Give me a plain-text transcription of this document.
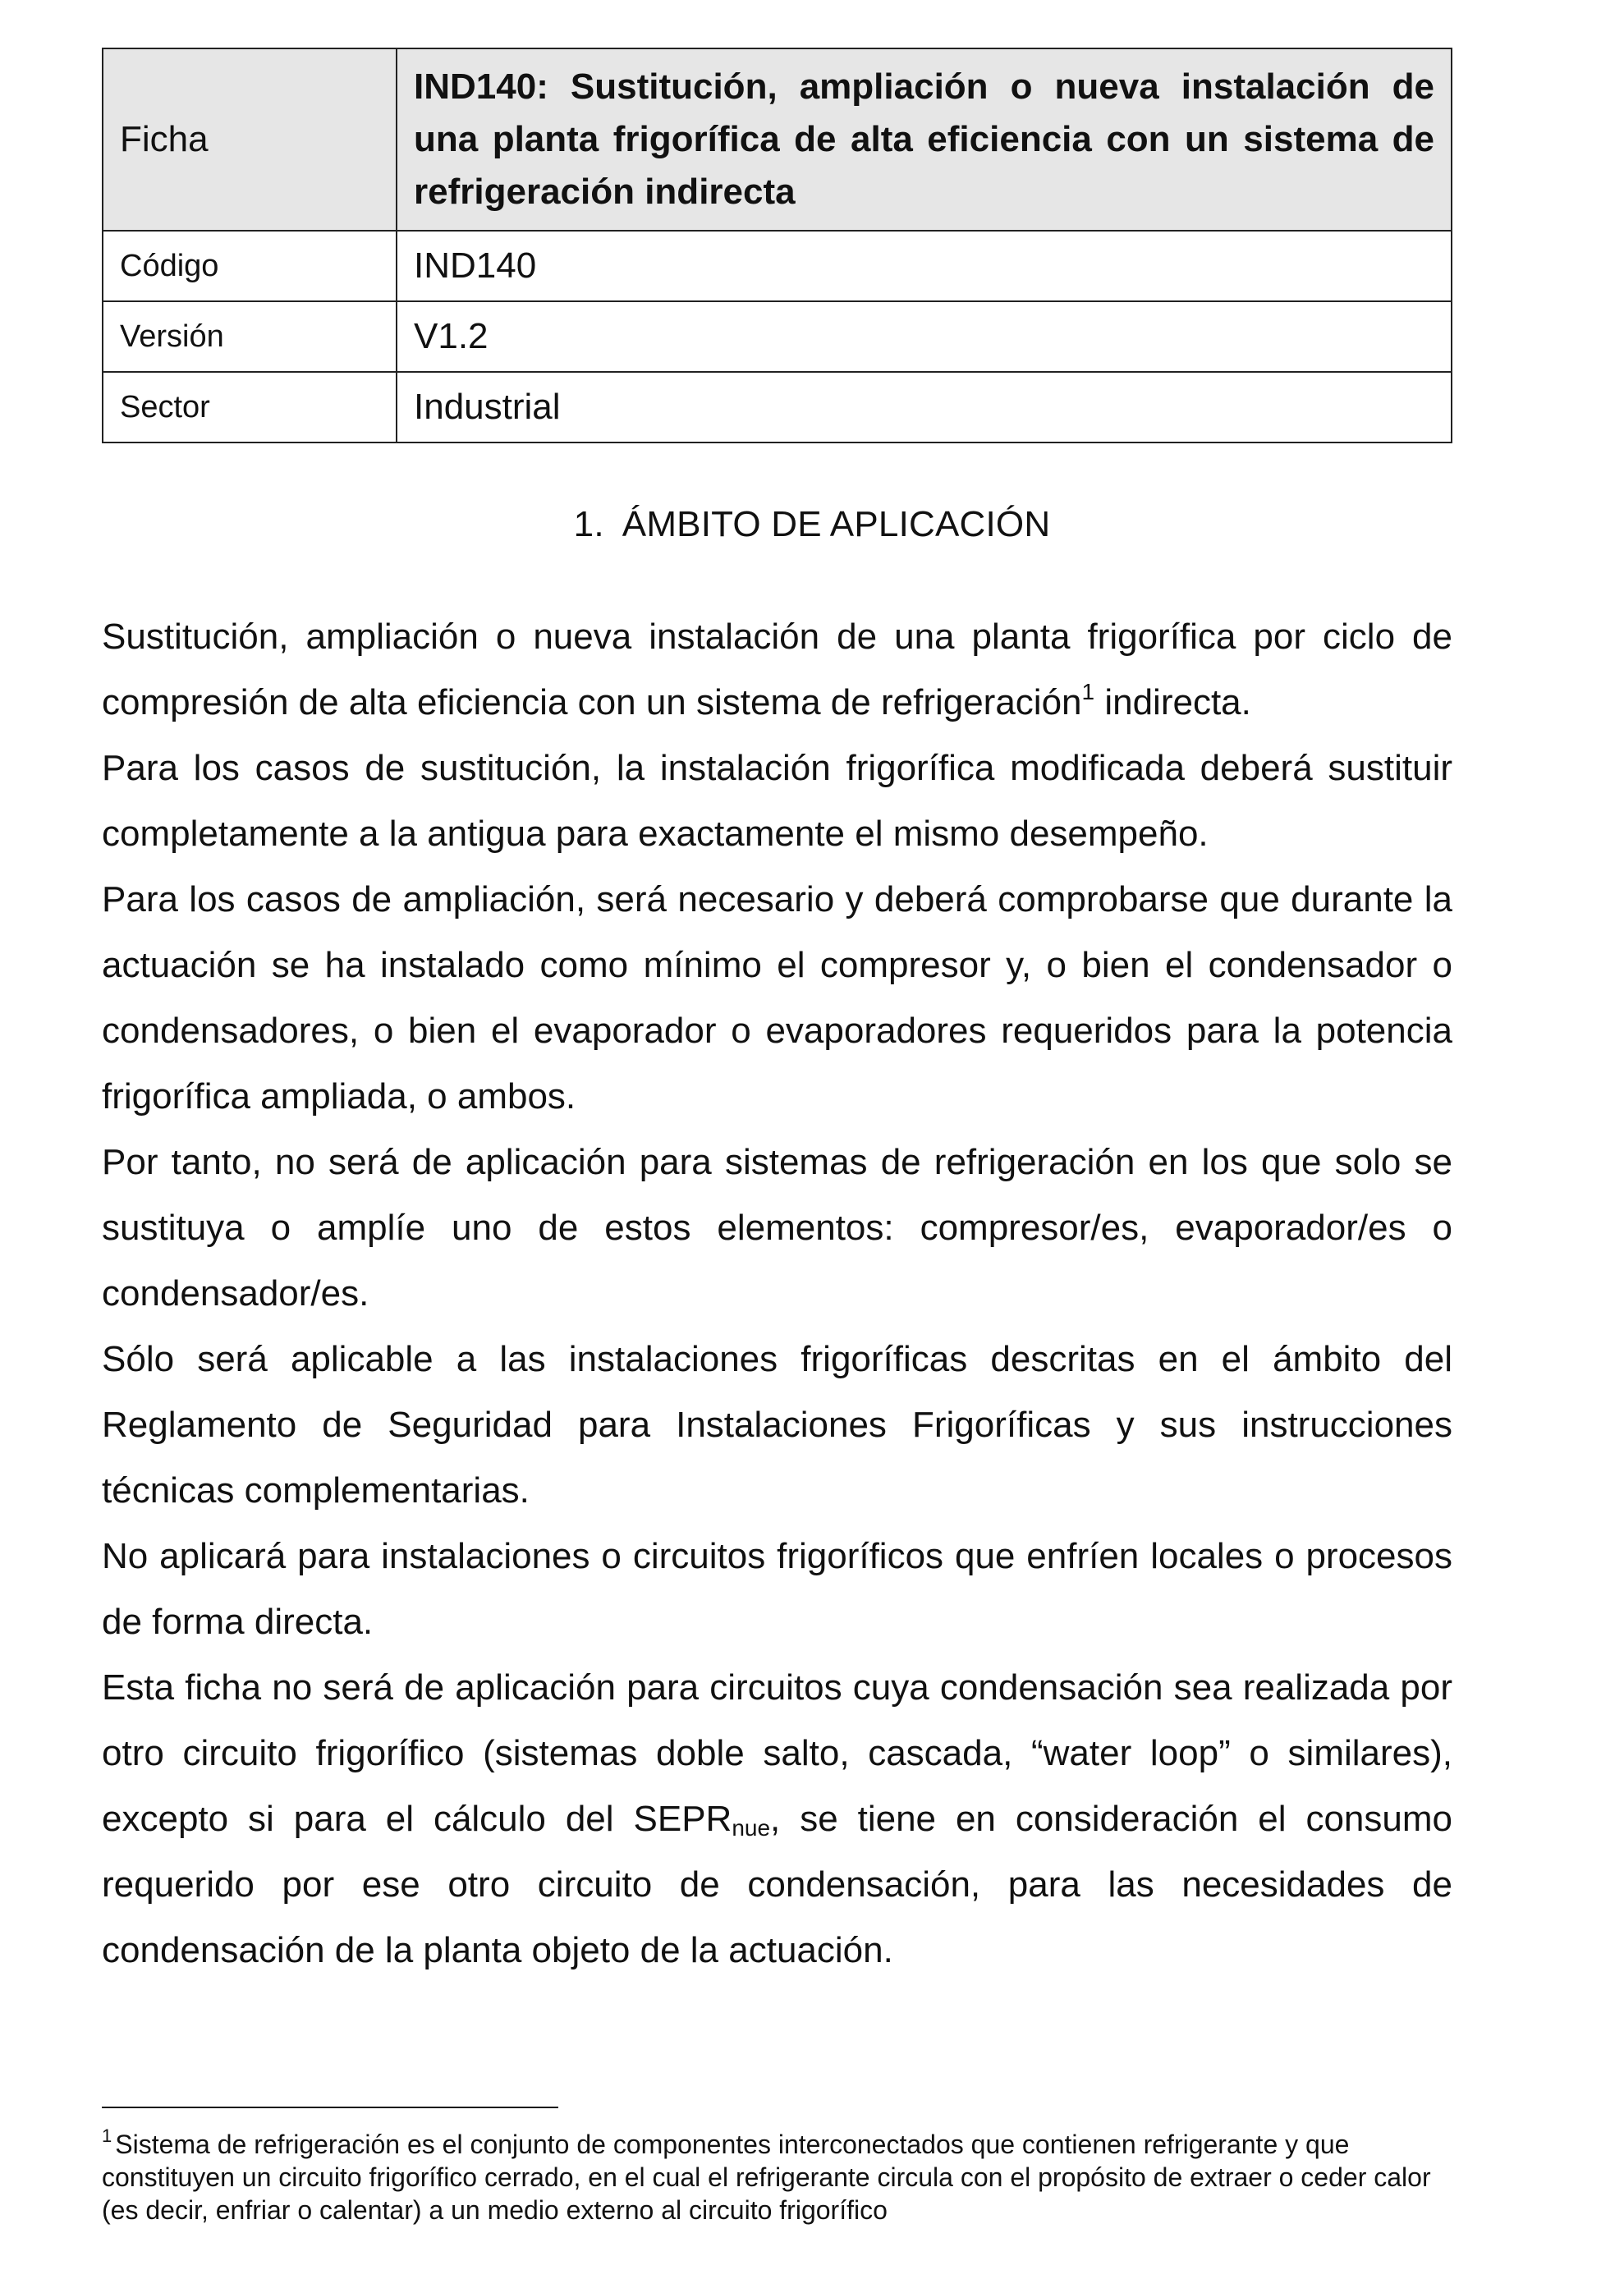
Ficha	IND140: Sustitución, ampliación o nueva instalación de una planta frigorífica de alta eficiencia con un sistema de refrigeración indirecta
Código	IND140
Versión	V1.2
Sector	Industrial
1. ÁMBITO DE APLICACIÓN

Sustitución, ampliación o nueva instalación de una planta frigorífica por ciclo de compresión de alta eficiencia con un sistema de refrigeración$^1$ indirecta.

Para los casos de sustitución, la instalación frigorífica modificada deberá sustituir completamente a la antigua para exactamente el mismo desempeño.

Para los casos de ampliación, será necesario y deberá comprobarse que durante la actuación se ha instalado como mínimo el compresor y, o bien el condensador o condensadores, o bien el evaporador o evaporadores requeridos para la potencia frigorífica ampliada, o ambos.

Por tanto, no será de aplicación para sistemas de refrigeración en los que solo se sustituya o amplíe uno de estos elementos: compresor/es, evaporador/es o condensador/es.

Sólo será aplicable a las instalaciones frigoríficas descritas en el ámbito del Reglamento de Seguridad para Instalaciones Frigoríficas y sus instrucciones técnicas complementarias.

No aplicará para instalaciones o circuitos frigoríficos que enfríen locales o procesos de forma directa.

Esta ficha no será de aplicación para circuitos cuya condensación sea realizada por otro circuito frigorífico (sistemas doble salto, cascada, “water loop” o similares), excepto si para el cálculo del $SEPR_{nue}$, se tiene en consideración el consumo requerido por ese otro circuito de condensación, para las necesidades de condensación de la planta objeto de la actuación.

$^1$ Sistema de refrigeración es el conjunto de componentes interconectados que contienen refrigerante y que constituyen un circuito frigorífico cerrado, en el cual el refrigerante circula con el propósito de extraer o ceder calor (es decir, enfriar o calentar) a un medio externo al circuito frigorífico
